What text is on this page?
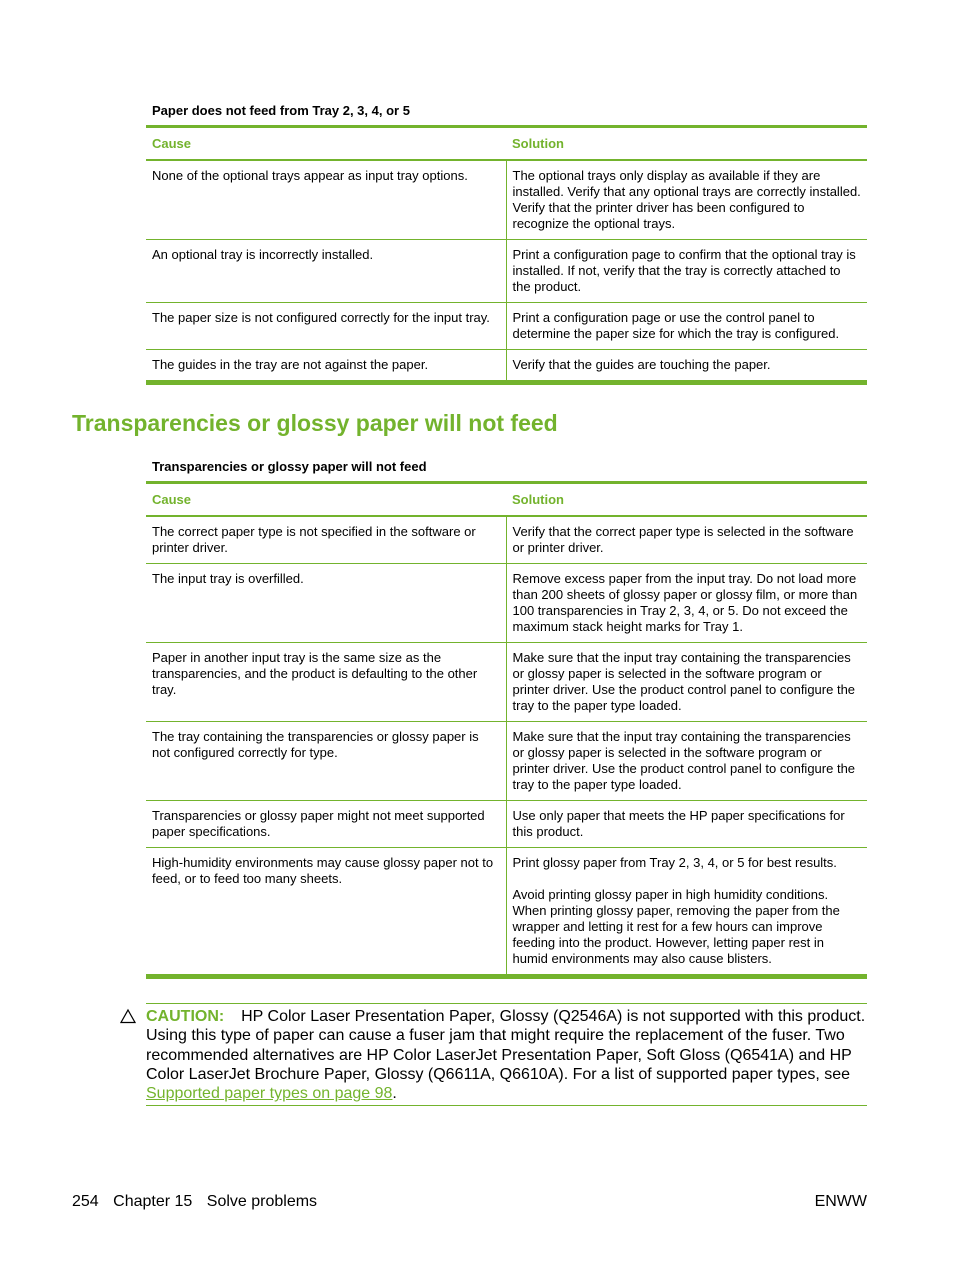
Paper does not feed from Tray 2, 3, 4, or 5
Cause	Solution
None of the optional trays appear as input tray options.	The optional trays only display as available if they are installed. Verify that any optional trays are correctly installed. Verify that the printer driver has been configured to recognize the optional trays.
An optional tray is incorrectly installed.	Print a configuration page to confirm that the optional tray is installed. If not, verify that the tray is correctly attached to the product.
The paper size is not configured correctly for the input tray.	Print a configuration page or use the control panel to determine the paper size for which the tray is configured.
The guides in the tray are not against the paper.	Verify that the guides are touching the paper.
Transparencies or glossy paper will not feed
Transparencies or glossy paper will not feed
Cause	Solution
The correct paper type is not specified in the software or printer driver.	Verify that the correct paper type is selected in the software or printer driver.
The input tray is overfilled.	Remove excess paper from the input tray. Do not load more than 200 sheets of glossy paper or glossy film, or more than 100 transparencies in Tray 2, 3, 4, or 5. Do not exceed the maximum stack height marks for Tray 1.
Paper in another input tray is the same size as the transparencies, and the product is defaulting to the other tray.	Make sure that the input tray containing the transparencies or glossy paper is selected in the software program or printer driver. Use the product control panel to configure the tray to the paper type loaded.
The tray containing the transparencies or glossy paper is not configured correctly for type.	Make sure that the input tray containing the transparencies or glossy paper is selected in the software program or printer driver. Use the product control panel to configure the tray to the paper type loaded.
Transparencies or glossy paper might not meet supported paper specifications.	Use only paper that meets the HP paper specifications for this product.
High-humidity environments may cause glossy paper not to feed, or to feed too many sheets.	Print glossy paper from Tray 2, 3, 4, or 5 for best results.

Avoid printing glossy paper in high humidity conditions. When printing glossy paper, removing the paper from the wrapper and letting it rest for a few hours can improve feeding into the product. However, letting paper rest in humid environments may also cause blisters.

CAUTION: HP Color Laser Presentation Paper, Glossy (Q2546A) is not supported with this product. Using this type of paper can cause a fuser jam that might require the replacement of the fuser. Two recommended alternatives are HP Color LaserJet Presentation Paper, Soft Gloss (Q6541A) and HP Color LaserJet Brochure Paper, Glossy (Q6611A, Q6610A). For a list of supported paper types, see Supported paper types on page 98.
254 Chapter 15 Solve problems	ENWW
